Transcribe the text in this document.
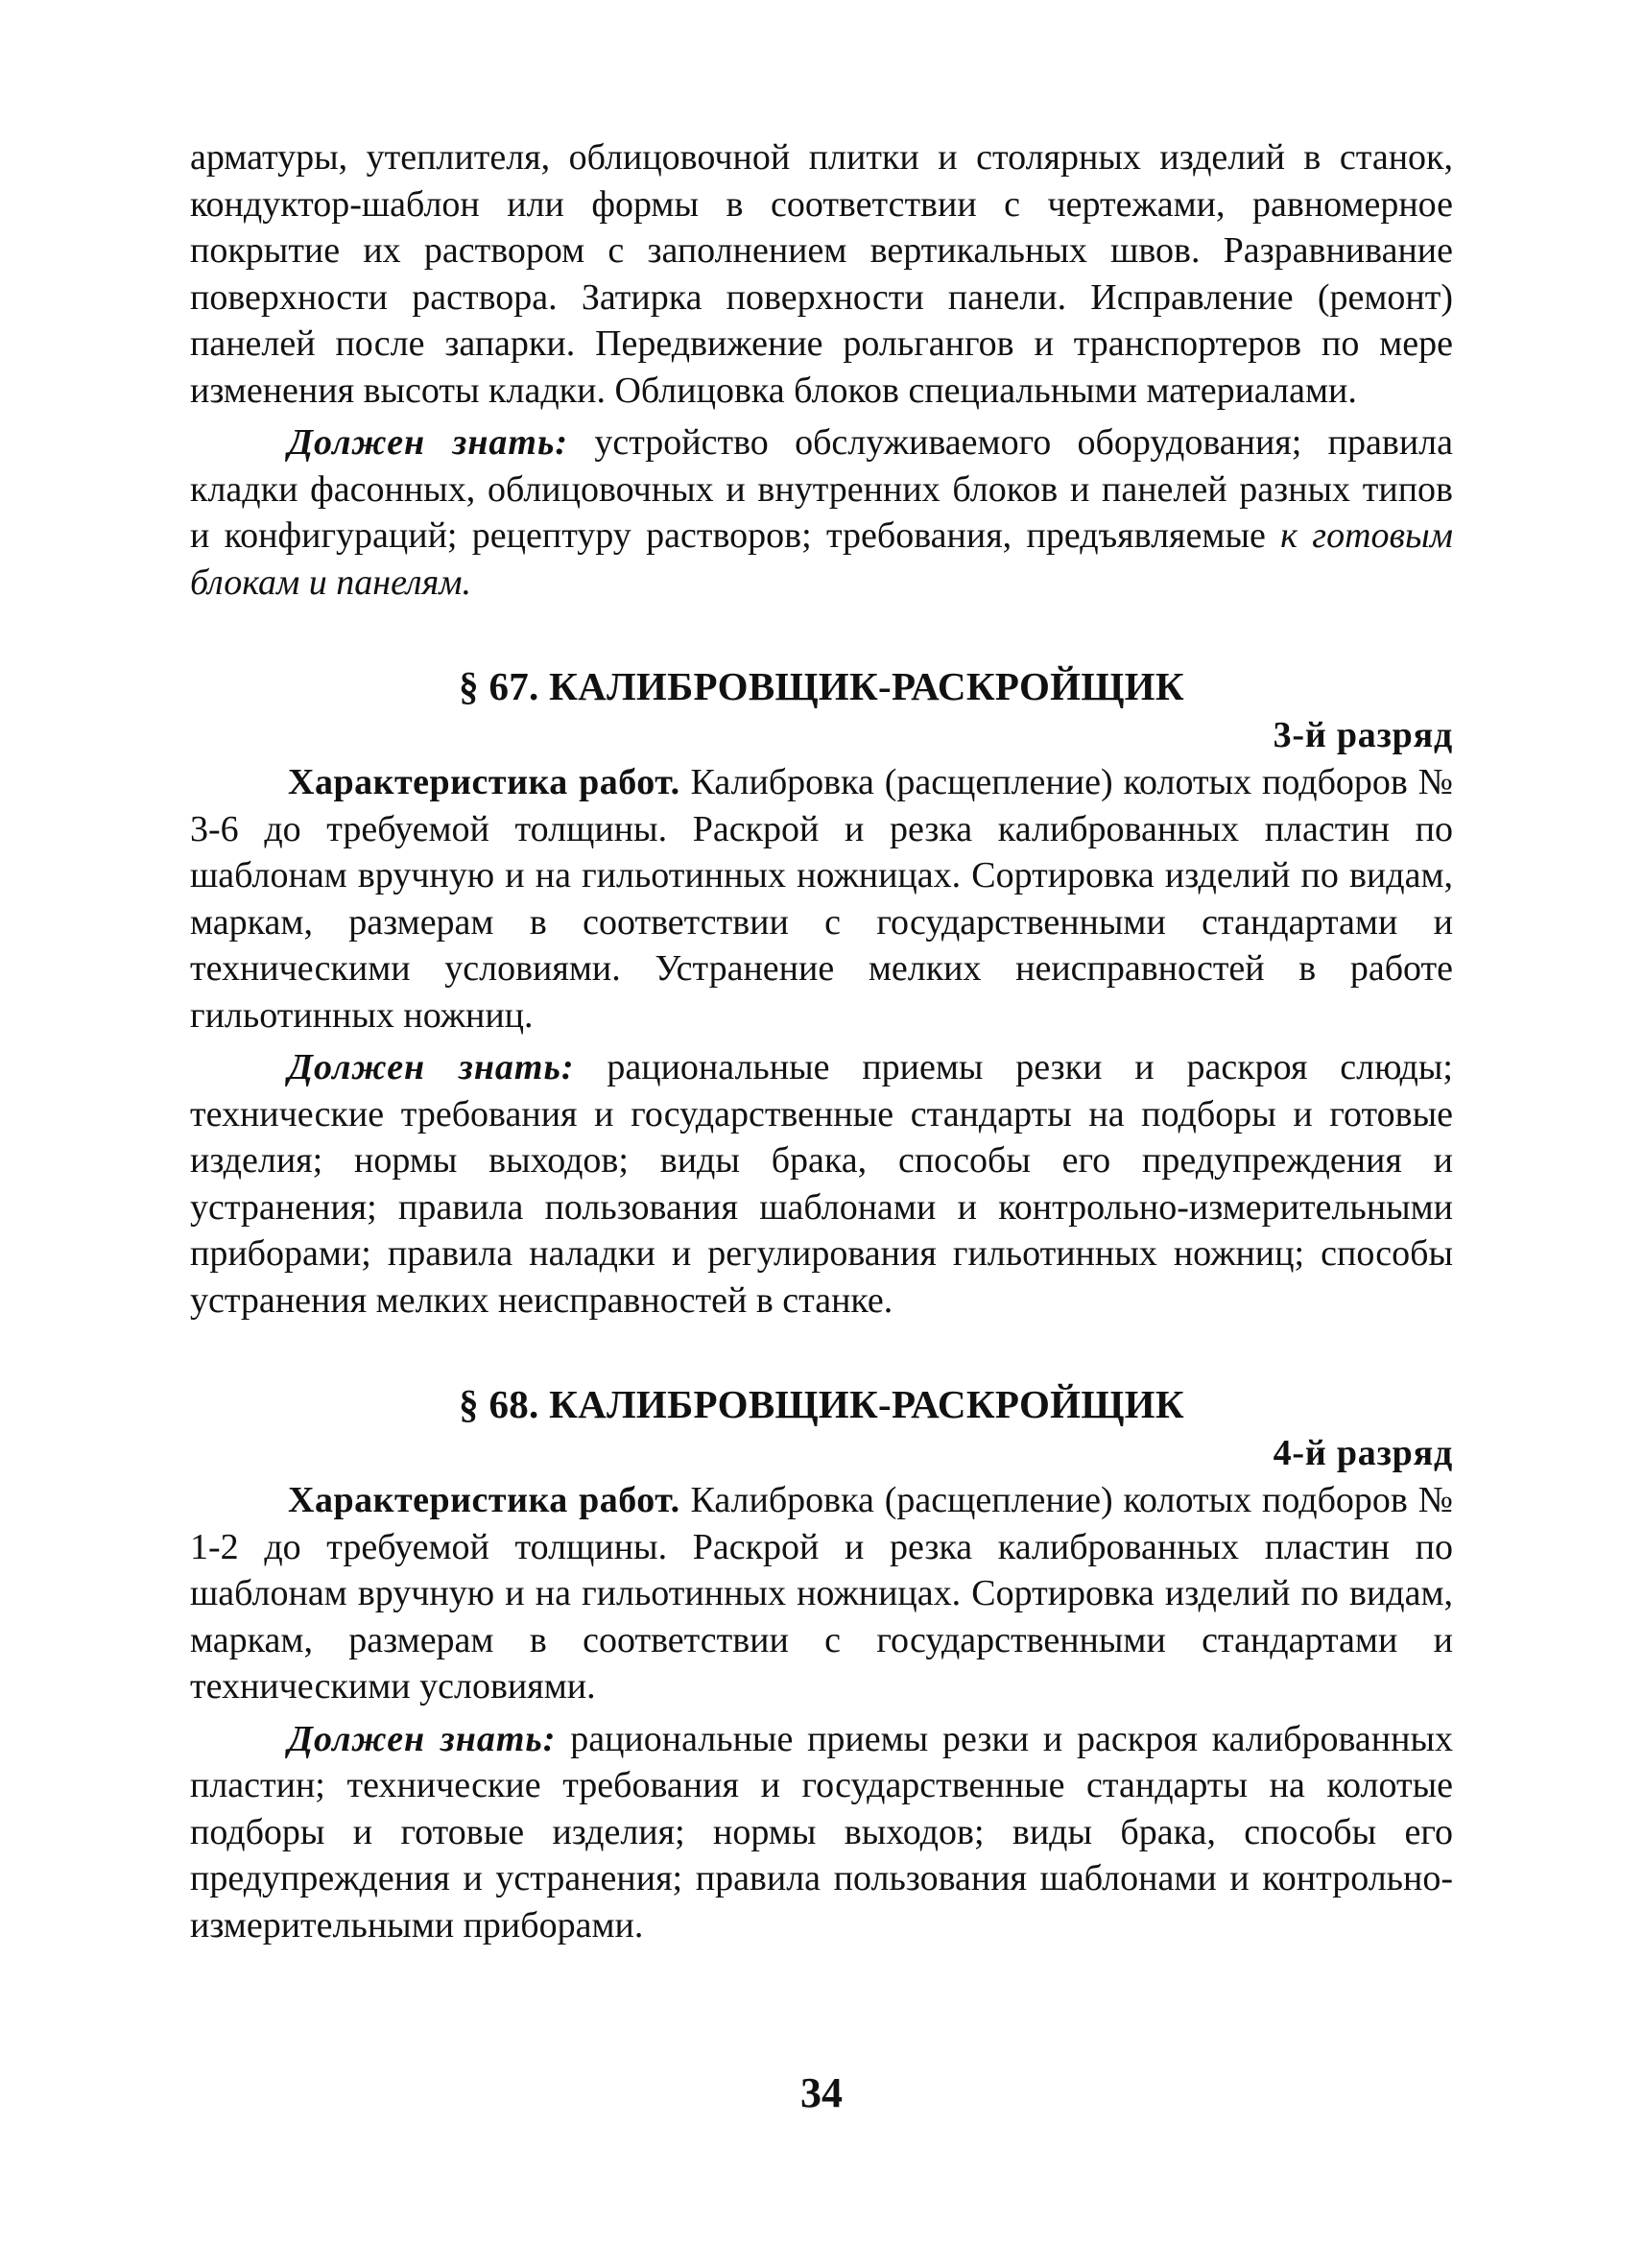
арматуры, утеплителя, облицовочной плитки и столярных изделий в станок, кондуктор-шаблон или формы в соответствии с чертежами, равномерное покрытие их раствором с заполнением вертикальных швов. Разравнивание поверхности раствора. Затирка поверхности панели. Исправление (ремонт) панелей после запарки. Передвижение рольгангов и транспортеров по мере изменения высоты кладки. Облицовка блоков специальными материалами.

Должен знать: устройство обслуживаемого оборудования; правила кладки фасонных, облицовочных и внутренних блоков и панелей разных типов и конфигураций; рецептуру растворов; требования, предъявляемые к готовым блокам и панелям.

§ 67. КАЛИБРОВЩИК-РАСКРОЙЩИК
3-й разряд

Характеристика работ. Калибровка (расщепление) колотых подборов № 3-6 до требуемой толщины. Раскрой и резка калиброванных пластин по шаблонам вручную и на гильотинных ножницах. Сортировка изделий по видам, маркам, размерам в соответствии с государственными стандартами и техническими условиями. Устранение мелких неисправностей в работе гильотинных ножниц.

Должен знать: рациональные приемы резки и раскроя слюды; технические требования и государственные стандарты на подборы и готовые изделия; нормы выходов; виды брака, способы его предупреждения и устранения; правила пользования шаблонами и контрольно-измерительными приборами; правила наладки и регулирования гильотинных ножниц; способы устранения мелких неисправностей в станке.

§ 68. КАЛИБРОВЩИК-РАСКРОЙЩИК
4-й разряд

Характеристика работ. Калибровка (расщепление) колотых подборов № 1-2 до требуемой толщины. Раскрой и резка калиброванных пластин по шаблонам вручную и на гильотинных ножницах. Сортировка изделий по видам, маркам, размерам в соответствии с государственными стандартами и техническими условиями.

Должен знать: рациональные приемы резки и раскроя калиброванных пластин; технические требования и государственные стандарты на колотые подборы и готовые изделия; нормы выходов; виды брака, способы его предупреждения и устранения; правила пользования шаблонами и контрольно-измерительными приборами.

34
